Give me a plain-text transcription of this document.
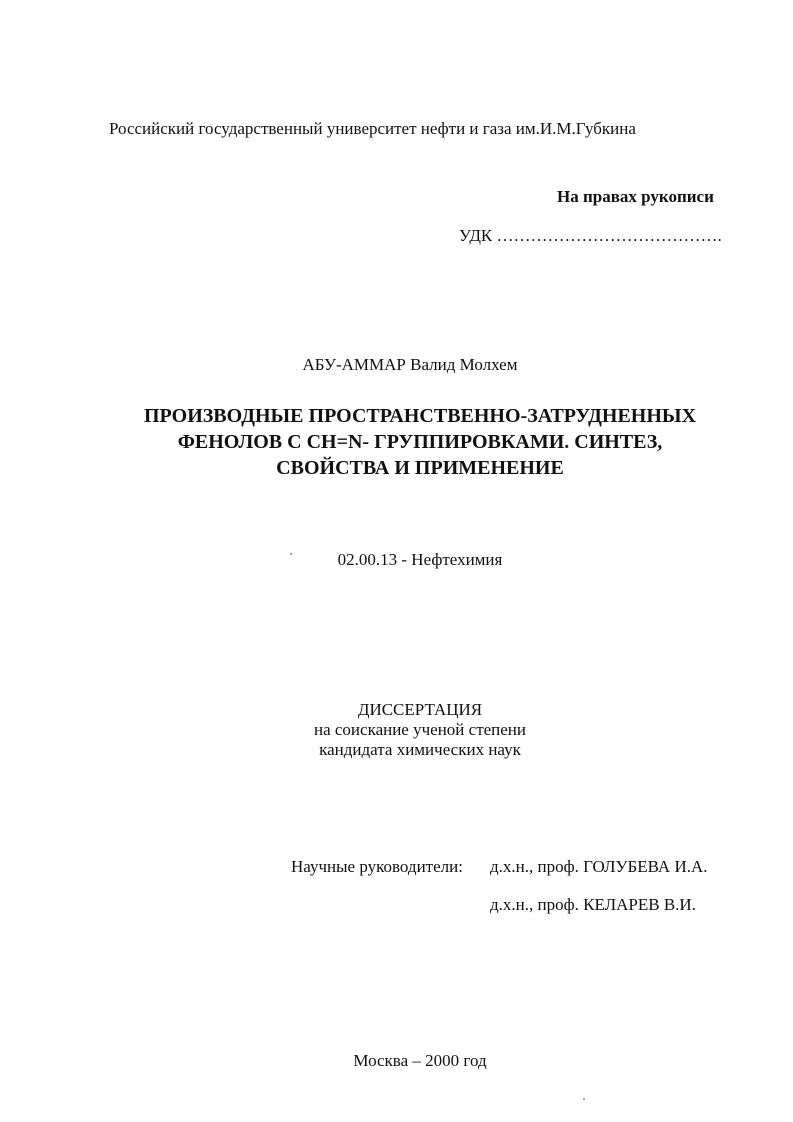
Российский государственный университет нефти и газа им.И.М.Губкина
На правах рукописи
УДК ………………………………….
АБУ-АММАР Валид Молхем
ПРОИЗВОДНЫЕ ПРОСТРАНСТВЕННО-ЗАТРУДНЕННЫХ
ФЕНОЛОВ С CH=N- ГРУППИРОВКАМИ. СИНТЕЗ,
СВОЙСТВА И ПРИМЕНЕНИЕ
02.00.13 - Нефтехимия
ДИССЕРТАЦИЯ
на соискание ученой степени
кандидата химических наук
Научные руководители: д.х.н., проф. ГОЛУБЕВА И.А.
д.х.н., проф. КЕЛАРЕВ В.И.
Москва – 2000 год
